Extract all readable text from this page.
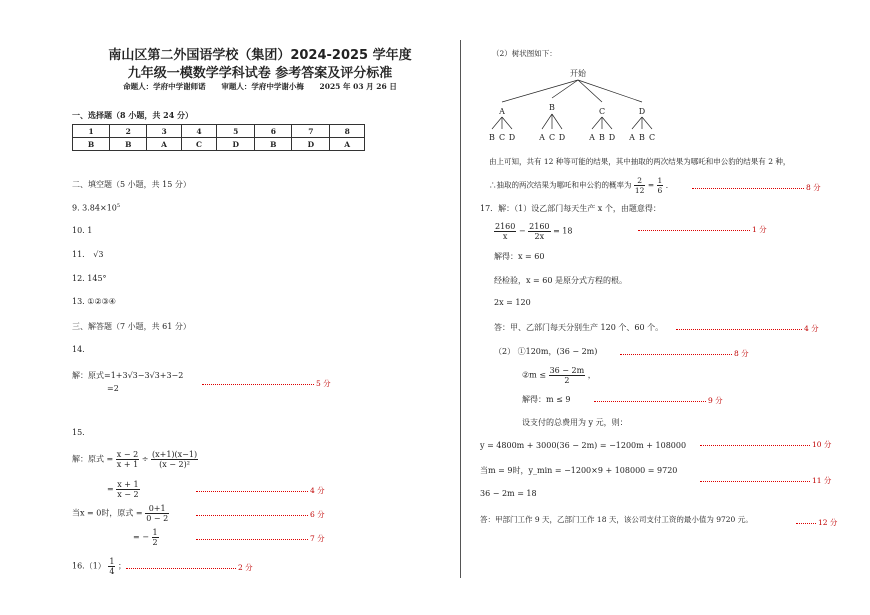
南山区第二外国语学校（集团）2024-2025 学年度
九年级一模数学学科试卷 参考答案及评分标准
命题人：学府中学谢师诺 审题人：学府中学谢小梅 2025 年 03 月 26 日
一、选择题（8 小题，共 24 分）
1	2	3	4	5	6	7	8
B	B	A	C	D	B	D	A
二、填空题（5 小题，共 15 分）
9. $3.84\times 10^5$
10. 1
11. √3
12. 145°
13. ①②③④
三、解答题（7 小题，共 61 分）
14.
解：原式=1+3√3−3√3+3−2
=2
5 分
15.
解：原式 = $\frac{x - 2}{x + 1} \div \frac{(x+1)(x-1)}{\text{(x − 2)²}}$
= $\frac{x + 1}{x - 2}$	4 分
当x = 0时，原式 = $\frac{0+1}{0 - 2}$	6 分
= − $\frac{1}{2}$	7 分
$16.(1) \frac{1}{4}$ ；	2 分
（2）树状图如下：
开始
A	B	C	D
B C D	A C D	A B D A B C
由上可知，共有 12 种等可能的结果，其中抽取的两次结果为哪吒和申公豹的结果有 2 种，
∴抽取的两次结果为哪吒和申公豹的概率为 $\frac{2}{12} = \frac{1}{6}$ ．	8 分
17．解：（1）设乙部门每天生产 x 个，由题意得：
$\frac{2160}{x} - \frac{2160}{2x} = 18$	1 分
解得：x = 60
经检验，x = 60 是原分式方程的根。
2x = 120
答：甲、乙部门每天分别生产 120 个、60 个。	4 分
（2） ①120m，(36 − 2m)	8 分
②m ≤ $\frac{36 - 2m}{2}$ ，
解得：m ≤ 9	9 分
设支付的总费用为 y 元，则：
y = 4800m + 3000(36 − 2m) = −1200m + 108000	10 分
当m = 9时，y_min = −1200×9 + 108000 = 9720
11 分
36 − 2m = 18
答：甲部门工作 9 天，乙部门工作 18 天，该公司支付工资的最小值为 9720 元。	12 分
